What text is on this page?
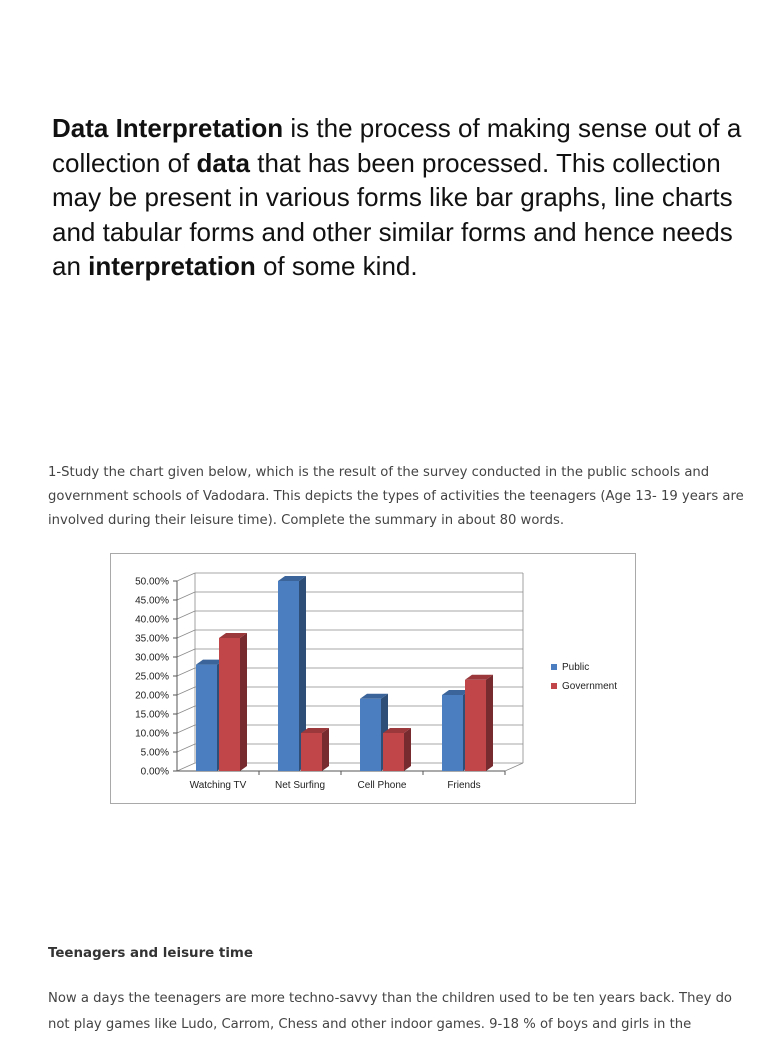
Data Interpretation is the process of making sense out of a collection of data that has been processed. This collection may be present in various forms like bar graphs, line charts and tabular forms and other similar forms and hence needs an interpretation of some kind.

1-Study the chart given below, which is the result of the survey conducted in the public schools and government schools of Vadodara. This depicts the types of activities the teenagers (Age 13- 19 years are involved during their leisure time). Complete the summary in about 80 words.

0.00%
5.00%
10.00%
15.00%
20.00%
25.00%
30.00%
35.00%
40.00%
45.00%
50.00%
Watching TV	Net Surfing	Cell Phone	Friends
Public
Government

Teenagers and leisure time

Now a days the teenagers are more techno-savvy than the children used to be ten years back. They do not play games like Ludo, Carrom, Chess and other indoor games. 9-18 % of boys and girls in the
